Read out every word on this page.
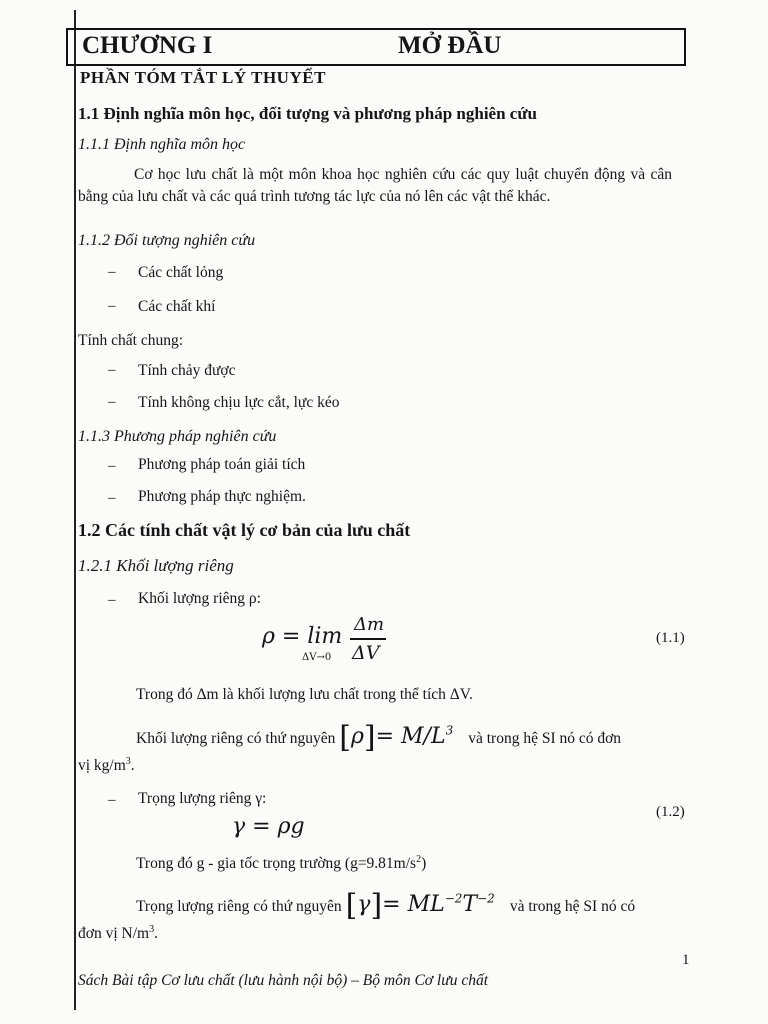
CHƯƠNG I	MỞ ĐẦU
PHẦN TÓM TẮT LÝ THUYẾT
1.1 Định nghĩa môn học, đối tượng và phương pháp nghiên cứu
1.1.1 Định nghĩa môn học
Cơ học lưu chất là một môn khoa học nghiên cứu các quy luật chuyển động và cân bằng của lưu chất và các quá trình tương tác lực của nó lên các vật thể khác.
1.1.2 Đối tượng nghiên cứu
– Các chất lỏng
– Các chất khí
Tính chất chung:
– Tính chảy được
– Tính không chịu lực cắt, lực kéo
1.1.3 Phương pháp nghiên cứu
– Phương pháp toán giải tích
– Phương pháp thực nghiệm.
1.2 Các tính chất vật lý cơ bản của lưu chất
1.2.1 Khối lượng riêng
– Khối lượng riêng ρ:
ρ = lim
ΔV→0
Δm
ΔV
(1.1)
Trong đó Δm là khối lượng lưu chất trong thể tích ΔV.
Khối lượng riêng có thứ nguyên $[\rho]= M/L^3$ và trong hệ SI nó có đơn
vị $kg/m^3$.
– Trọng lượng riêng γ:
γ = ρg
(1.2)
Trong đó g - gia tốc trọng trường $(g=9.81m/s^2)$
Trọng lượng riêng có thứ nguyên $[\gamma]= ML^{-2}T^{-2}$ và trong hệ SI nó có
đơn vị $N/m^3$.
1
Sách Bài tập Cơ lưu chất (lưu hành nội bộ) – Bộ môn Cơ lưu chất
